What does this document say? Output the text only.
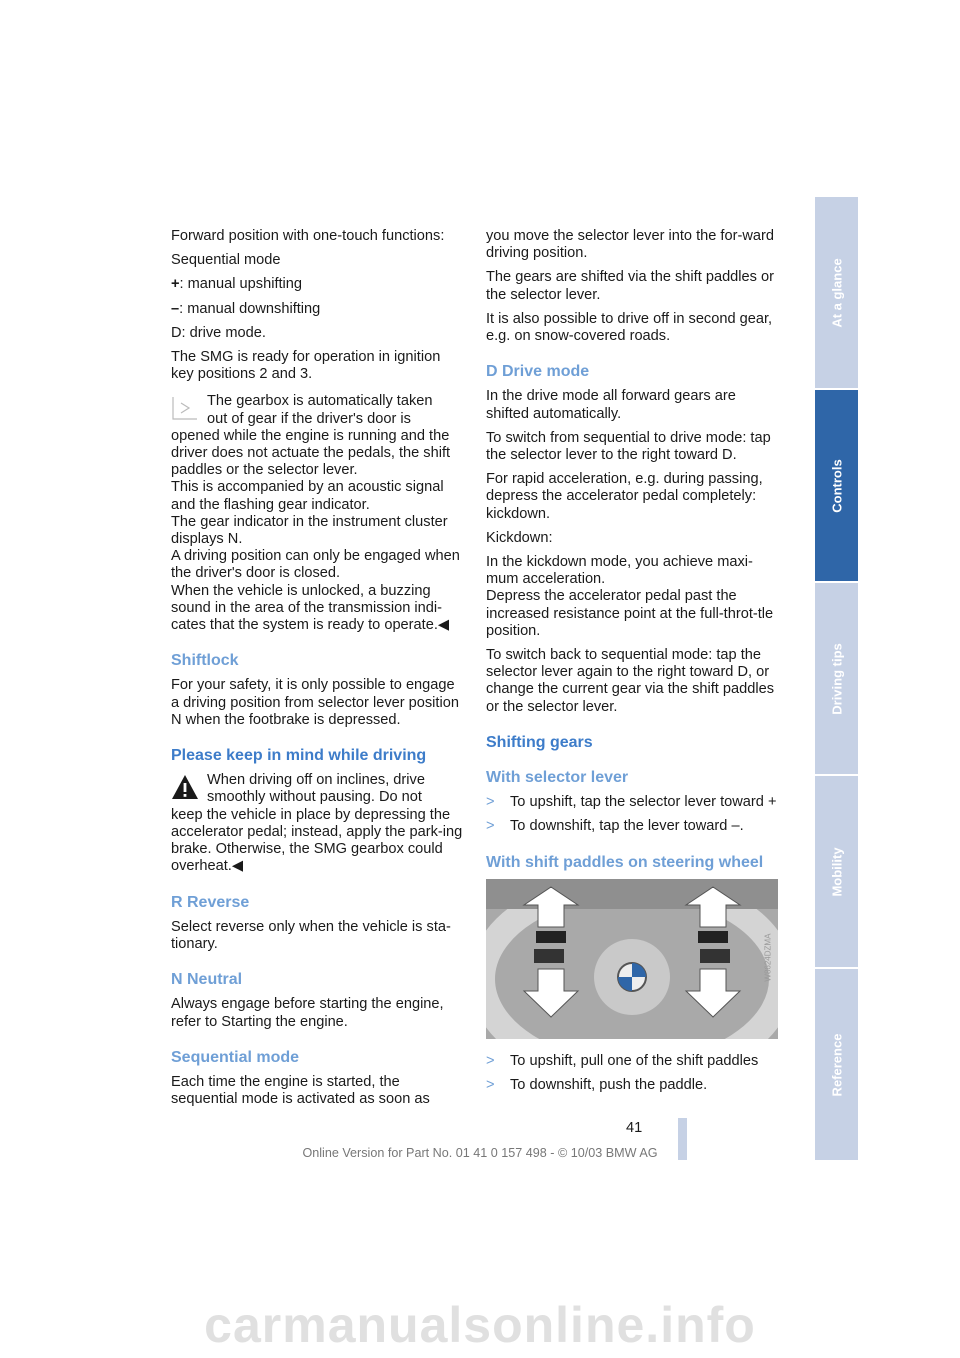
Forward position with one-touch functions:

Sequential mode

+: manual upshifting

–: manual downshifting

D: drive mode.

The SMG is ready for operation in ignition key positions 2 and 3.

The gearbox is automatically taken
out of gear if the driver's door is
opened while the engine is running and the driver does not actuate the pedals, the shift paddles or the selector lever.
This is accompanied by an acoustic signal and the flashing gear indicator.
The gear indicator in the instrument cluster displays N.
A driving position can only be engaged when the driver's door is closed.
When the vehicle is unlocked, a buzzing sound in the area of the transmission indi-cates that the system is ready to operate.◀
Shiftlock

For your safety, it is only possible to engage a driving position from selector lever position N when the footbrake is depressed.

Please keep in mind while driving
When driving off on inclines, drive
smoothly without pausing. Do not
keep the vehicle in place by depressing the accelerator pedal; instead, apply the park-ing brake. Otherwise, the SMG gearbox could overheat.◀
R Reverse

Select reverse only when the vehicle is sta-tionary.

N Neutral

Always engage before starting the engine, refer to Starting the engine.

Sequential mode

Each time the engine is started, the sequential mode is activated as soon as

you move the selector lever into the for-ward driving position.

The gears are shifted via the shift paddles or the selector lever.

It is also possible to drive off in second gear, e.g. on snow-covered roads.

D Drive mode

In the drive mode all forward gears are shifted automatically.

To switch from sequential to drive mode: tap the selector lever to the right toward D.

For rapid acceleration, e.g. during passing, depress the accelerator pedal completely: kickdown.

Kickdown:

In the kickdown mode, you achieve maxi-mum acceleration.
Depress the accelerator pedal past the increased resistance point at the full-throt-tle position.

To switch back to sequential mode: tap the selector lever again to the right toward D, or change the current gear via the shift paddles or the selector lever.

Shifting gears
With selector lever
> To upshift, tap the selector lever toward +
> To downshift, tap the lever toward –.
With shift paddles on steering wheel
W8624DZMA
> To upshift, pull one of the shift paddles
> To downshift, push the paddle.
At a glance
Controls
Driving tips
Mobility
Reference
41
Online Version for Part No. 01 41 0 157 498 - © 10/03 BMW AG
carmanualsonline.info
